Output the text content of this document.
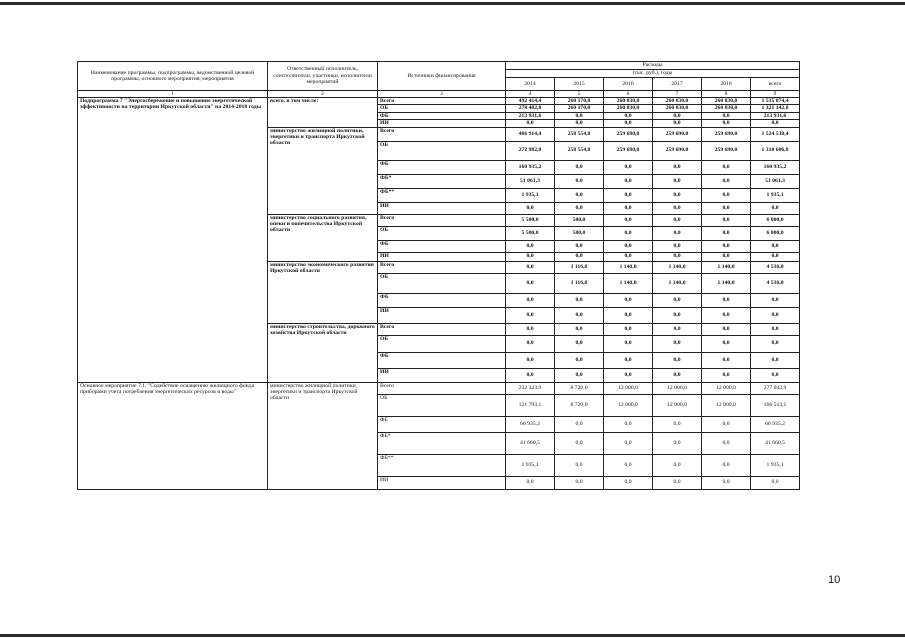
Наименование программы, подпрограммы, ведомственной целевой программы, основного мероприятия, мероприятия	Ответственный исполнитель, соисполнители, участники, исполнители мероприятий	Источники финансирования	Расходы					
			(тыс. руб.), годы					
			2014	2015	2016	2017	2018	всего
1	2	3	4	5	6	7	8	9
Подпрограмма 7 "Энергосбережение и повышение энергетической эффективности на территории Иркутской области" на 2014-2018 годы	всего, в том числе:	Всего	492 414,4	260 170,0	260 830,0	260 830,0	260 830,0	1 535 074,4
		ОБ	278 482,8	260 170,0	260 830,0	260 830,0	260 830,0	1 321 142,8
		ФБ	213 931,6	0,0	0,0	0,0	0,0	213 931,6
		ИИ	0,0	0,0	0,0	0,0	0,0	0,0
	министерство жилищной политики, энергетики и транспорта Иркутской области	Всего	486 914,4	258 554,0	259 690,0	259 690,0	259 690,0	1 524 538,4
		ОБ	272 982,8	258 554,0	259 690,0	259 690,0	259 690,0	1 310 606,8
		ФБ	160 935,2	0,0	0,0	0,0	0,0	160 935,2
		ФБ*	51 061,3	0,0	0,0	0,0	0,0	51 061,3
		ФБ**	1 935,1	0,0	0,0	0,0	0,0	1 935,1
		ИИ	0,0	0,0	0,0	0,0	0,0	0,0
	министерство социального развития, опеки и попечительства Иркутской области	Всего	5 500,0	500,0	0,0	0,0	0,0	6 000,0
		ОБ	5 500,0	500,0	0,0	0,0	0,0	6 000,0
		ФБ	0,0	0,0	0,0	0,0	0,0	0,0
		ИИ	0,0	0,0	0,0	0,0	0,0	0,0
	министерство экономического развития Иркутской области	Всего	0,0	1 116,0	1 140,0	1 140,0	1 140,0	4 536,0
		ОБ	0,0	1 116,0	1 140,0	1 140,0	1 140,0	4 536,0
		ФБ	0,0	0,0	0,0	0,0	0,0	0,0
		ИИ	0,0	0,0	0,0	0,0	0,0	0,0
	министерство строительства, дорожного хозяйства Иркутской области	Всего	0,0	0,0	0,0	0,0	0,0	0,0
		ОБ	0,0	0,0	0,0	0,0	0,0	0,0
		ФБ	0,0	0,0	0,0	0,0	0,0	0,0
		ИИ	0,0	0,0	0,0	0,0	0,0	0,0
Основное мероприятие 7.1. "Содействие оснащению жилищного фонда приборами учета потребления энергетических ресурсов и воды"	министерство жилищной политики, энергетики и транспорта Иркутской области	Всего	232 323,9	8 720,0	12 000,0	12 000,0	12 000,0	277 043,9
		ОБ	121 793,1	8 720,0	12 000,0	12 000,0	12 000,0	166 513,1
		ФБ	66 935,2	0,0	0,0	0,0	0,0	66 935,2
		ФБ*	41 660,5	0,0	0,0	0,0	0,0	41 660,5
		ФБ**	1 935,1	0,0	0,0	0,0	0,0	1 935,1
		ИИ	0,0	0,0	0,0	0,0	0,0	0,0
10
